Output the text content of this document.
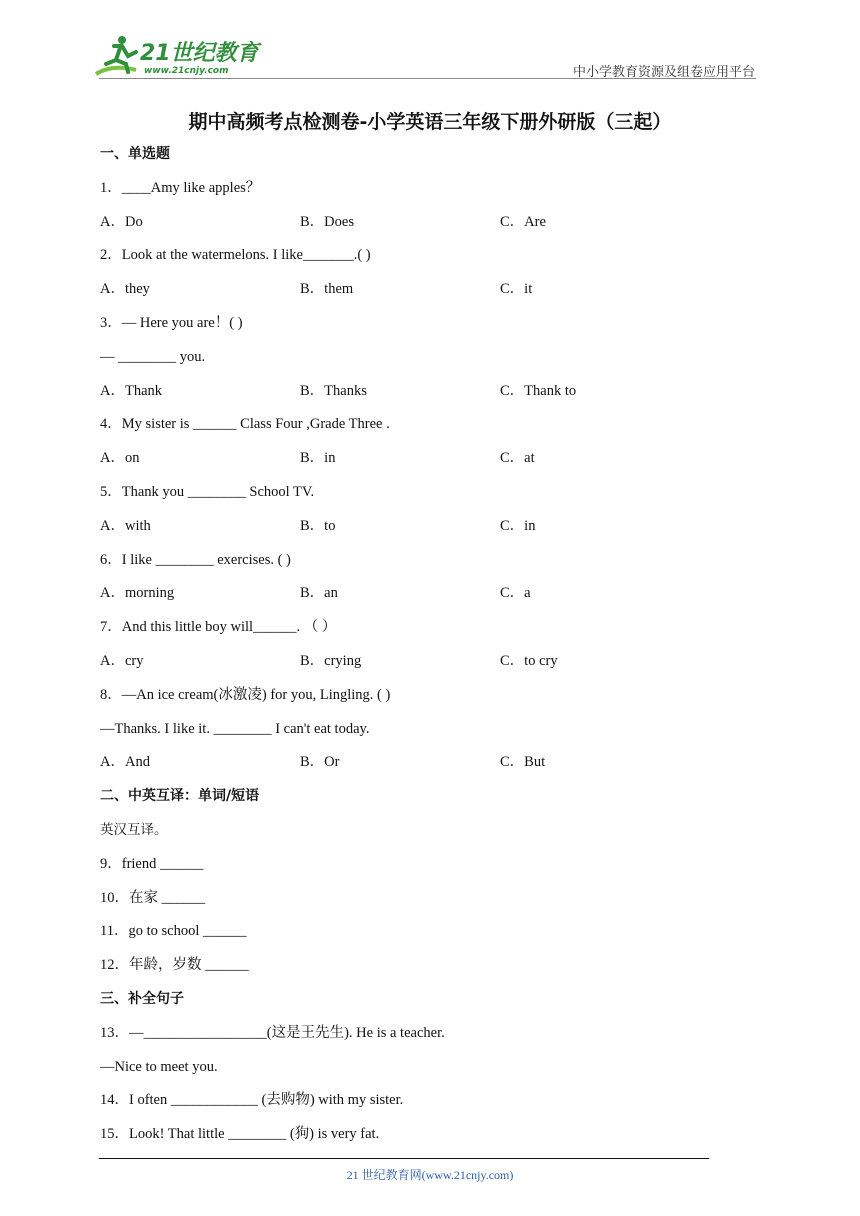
21世纪教育
www.21cnjy.com	中小学教育资源及组卷应用平台
期中高频考点检测卷-小学英语三年级下册外研版（三起）
一、单选题
1．____Amy like apples？
A．Do	B．Does	C．Are
2．Look at the watermelons. I like_______.( )
A．they	B．them	C．it
3．— Here you are！( )
— ________ you.
A．Thank	B．Thanks	C．Thank to
4．My sister is ______ Class Four ,Grade Three .
A．on	B．in	C．at
5．Thank you ________ School TV.
A．with	B．to	C．in
6．I like ________ exercises. ( )
A．morning	B．an	C．a
7．And this little boy will______. （ ）
A．cry	B．crying	C．to cry
8．—An ice cream(冰激凌) for you, Lingling. ( )
—Thanks. I like it. ________ I can't eat today.
A．And	B．Or	C．But
二、中英互译：单词/短语
英汉互译。
9．friend ______
10．在家 ______
11．go to school ______
12．年龄，岁数 ______
三、补全句子
13．—_________________(这是王先生). He is a teacher.
—Nice to meet you.
14．I often ____________ (去购物) with my sister.
15．Look! That little ________ (狗) is very fat.
21 世纪教育网(www.21cnjy.com)
